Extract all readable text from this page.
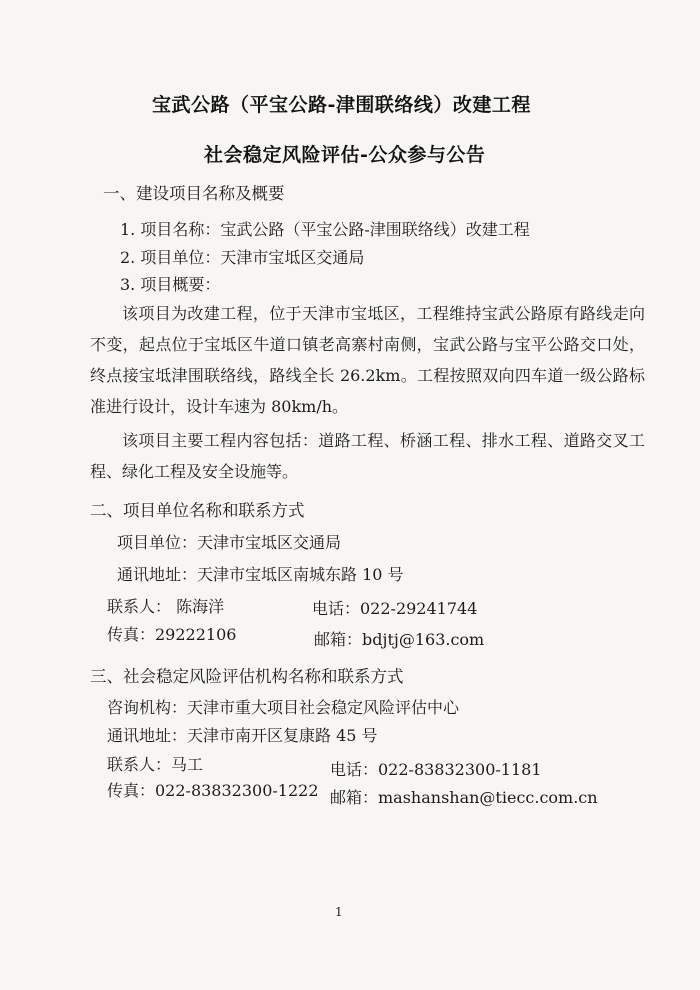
宝武公路（平宝公路-津围联络线）改建工程
社会稳定风险评估-公众参与公告
一、建设项目名称及概要
1. 项目名称：宝武公路（平宝公路-津围联络线）改建工程
2. 项目单位：天津市宝坻区交通局
3. 项目概要：
该项目为改建工程，位于天津市宝坻区，工程维持宝武公路原有路线走向不变，起点位于宝坻区牛道口镇老高寨村南侧，宝武公路与宝平公路交口处，终点接宝坻津围联络线，路线全长 26.2km。工程按照双向四车道一级公路标准进行设计，设计车速为 80km/h。
该项目主要工程内容包括：道路工程、桥涵工程、排水工程、道路交叉工程、绿化工程及安全设施等。
二、项目单位名称和联系方式
项目单位：天津市宝坻区交通局
通讯地址：天津市宝坻区南城东路 10 号
联系人： 陈海洋	电话：022-29241744
传真：29222106	邮箱：bdjtj@163.com
三、社会稳定风险评估机构名称和联系方式
咨询机构：天津市重大项目社会稳定风险评估中心
通讯地址：天津市南开区复康路 45 号
联系人：马工	电话：022-83832300-1181
传真：022-83832300-1222 邮箱：mashanshan@tiecc.com.cn
1
